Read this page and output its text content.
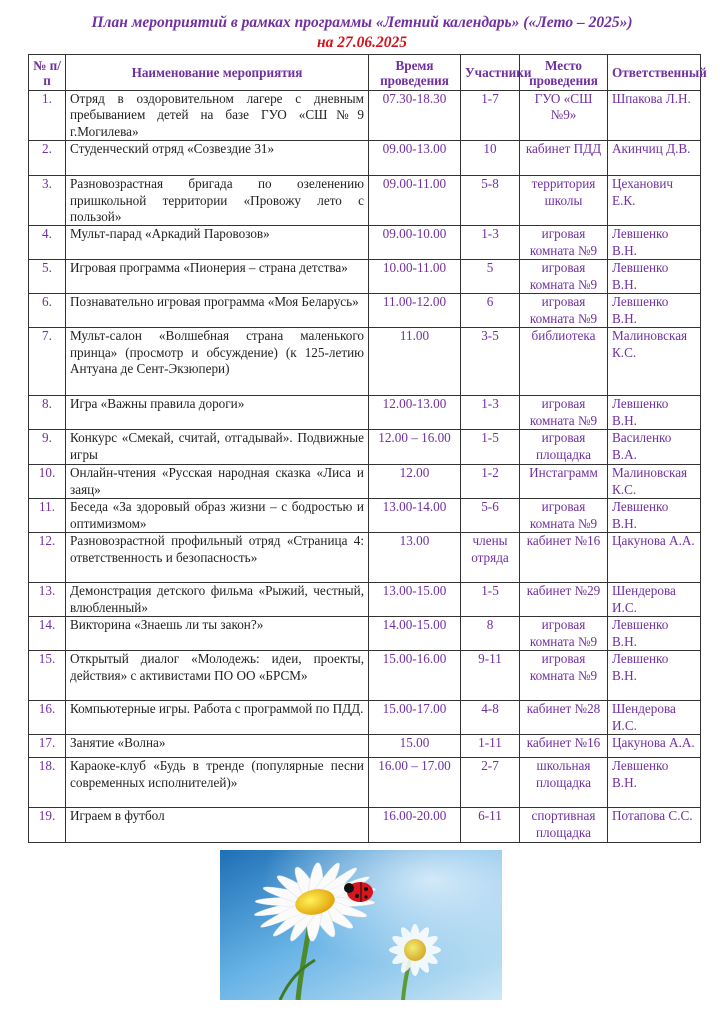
План мероприятий в рамках программы «Летний календарь» («Лето – 2025»)
на 27.06.2025
№ п/п	Наименование мероприятия	Время проведения	Участники	Место проведения	Ответственный
1.	Отряд в оздоровительном лагере с дневным пребыванием детей на базе ГУО «СШ№9 г.Могилева»	07.30-18.30	1-7	ГУО «СШ №9»	Шпакова Л.Н.
2.	Студенческий отряд «Созвездие 31»	09.00-13.00	10	кабинет ПДД	Акинчиц Д.В.
3.	Разновозрастная бригада по озеленению пришкольной территории «Провожу лето с пользой»	09.00-11.00	5-8	территория школы	Цеханович Е.К.
4.	Мульт-парад «Аркадий Паровозов»	09.00-10.00	1-3	игровая комната №9	Левшенко В.Н.
5.	Игровая программа «Пионерия – страна детства»	10.00-11.00	5	игровая комната №9	Левшенко В.Н.
6.	Познавательно игровая программа «Моя Беларусь»	11.00-12.00	6	игровая комната №9	Левшенко В.Н.
7.	Мульт-салон «Волшебная страна маленького принца» (просмотр и обсуждение) (к 125-летию Антуана де Сент-Экзюпери)	11.00	3-5	библиотека	Малиновская К.С.
8.	Игра «Важны правила дороги»	12.00-13.00	1-3	игровая комната №9	Левшенко В.Н.
9.	Конкурс «Смекай, считай, отгадывай». Подвижные игры	12.00 – 16.00	1-5	игровая площадка	Василенко В.А.
10.	Онлайн-чтения «Русская народная сказка «Лиса и заяц»	12.00	1-2	Инстаграмм	Малиновская К.С.
11.	Беседа «За здоровый образ жизни – с бодростью и оптимизмом»	13.00-14.00	5-6	игровая комната №9	Левшенко В.Н.
12.	Разновозрастной профильный отряд «Страница 4: ответственность и безопасность»	13.00	члены отряда	кабинет №16	Цакунова А.А.
13.	Демонстрация детского фильма «Рыжий, честный, влюбленный»	13.00-15.00	1-5	кабинет №29	Шендерова И.С.
14.	Викторина «Знаешь ли ты закон?»	14.00-15.00	8	игровая комната №9	Левшенко В.Н.
15.	Открытый диалог «Молодежь: идеи, проекты, действия» с активистами ПО ОО «БРСМ»	15.00-16.00	9-11	игровая комната №9	Левшенко В.Н.
16.	Компьютерные игры. Работа с программой по ПДД.	15.00-17.00	4-8	кабинет №28	Шендерова И.С.
17.	Занятие «Волна»	15.00	1-11	кабинет №16	Цакунова А.А.
18.	Караоке-клуб «Будь в тренде (популярные песни современных исполнителей)»	16.00 – 17.00	2-7	школьная площадка	Левшенко В.Н.
19.	Играем в футбол	16.00-20.00	6-11	спортивная площадка	Потапова С.С.
